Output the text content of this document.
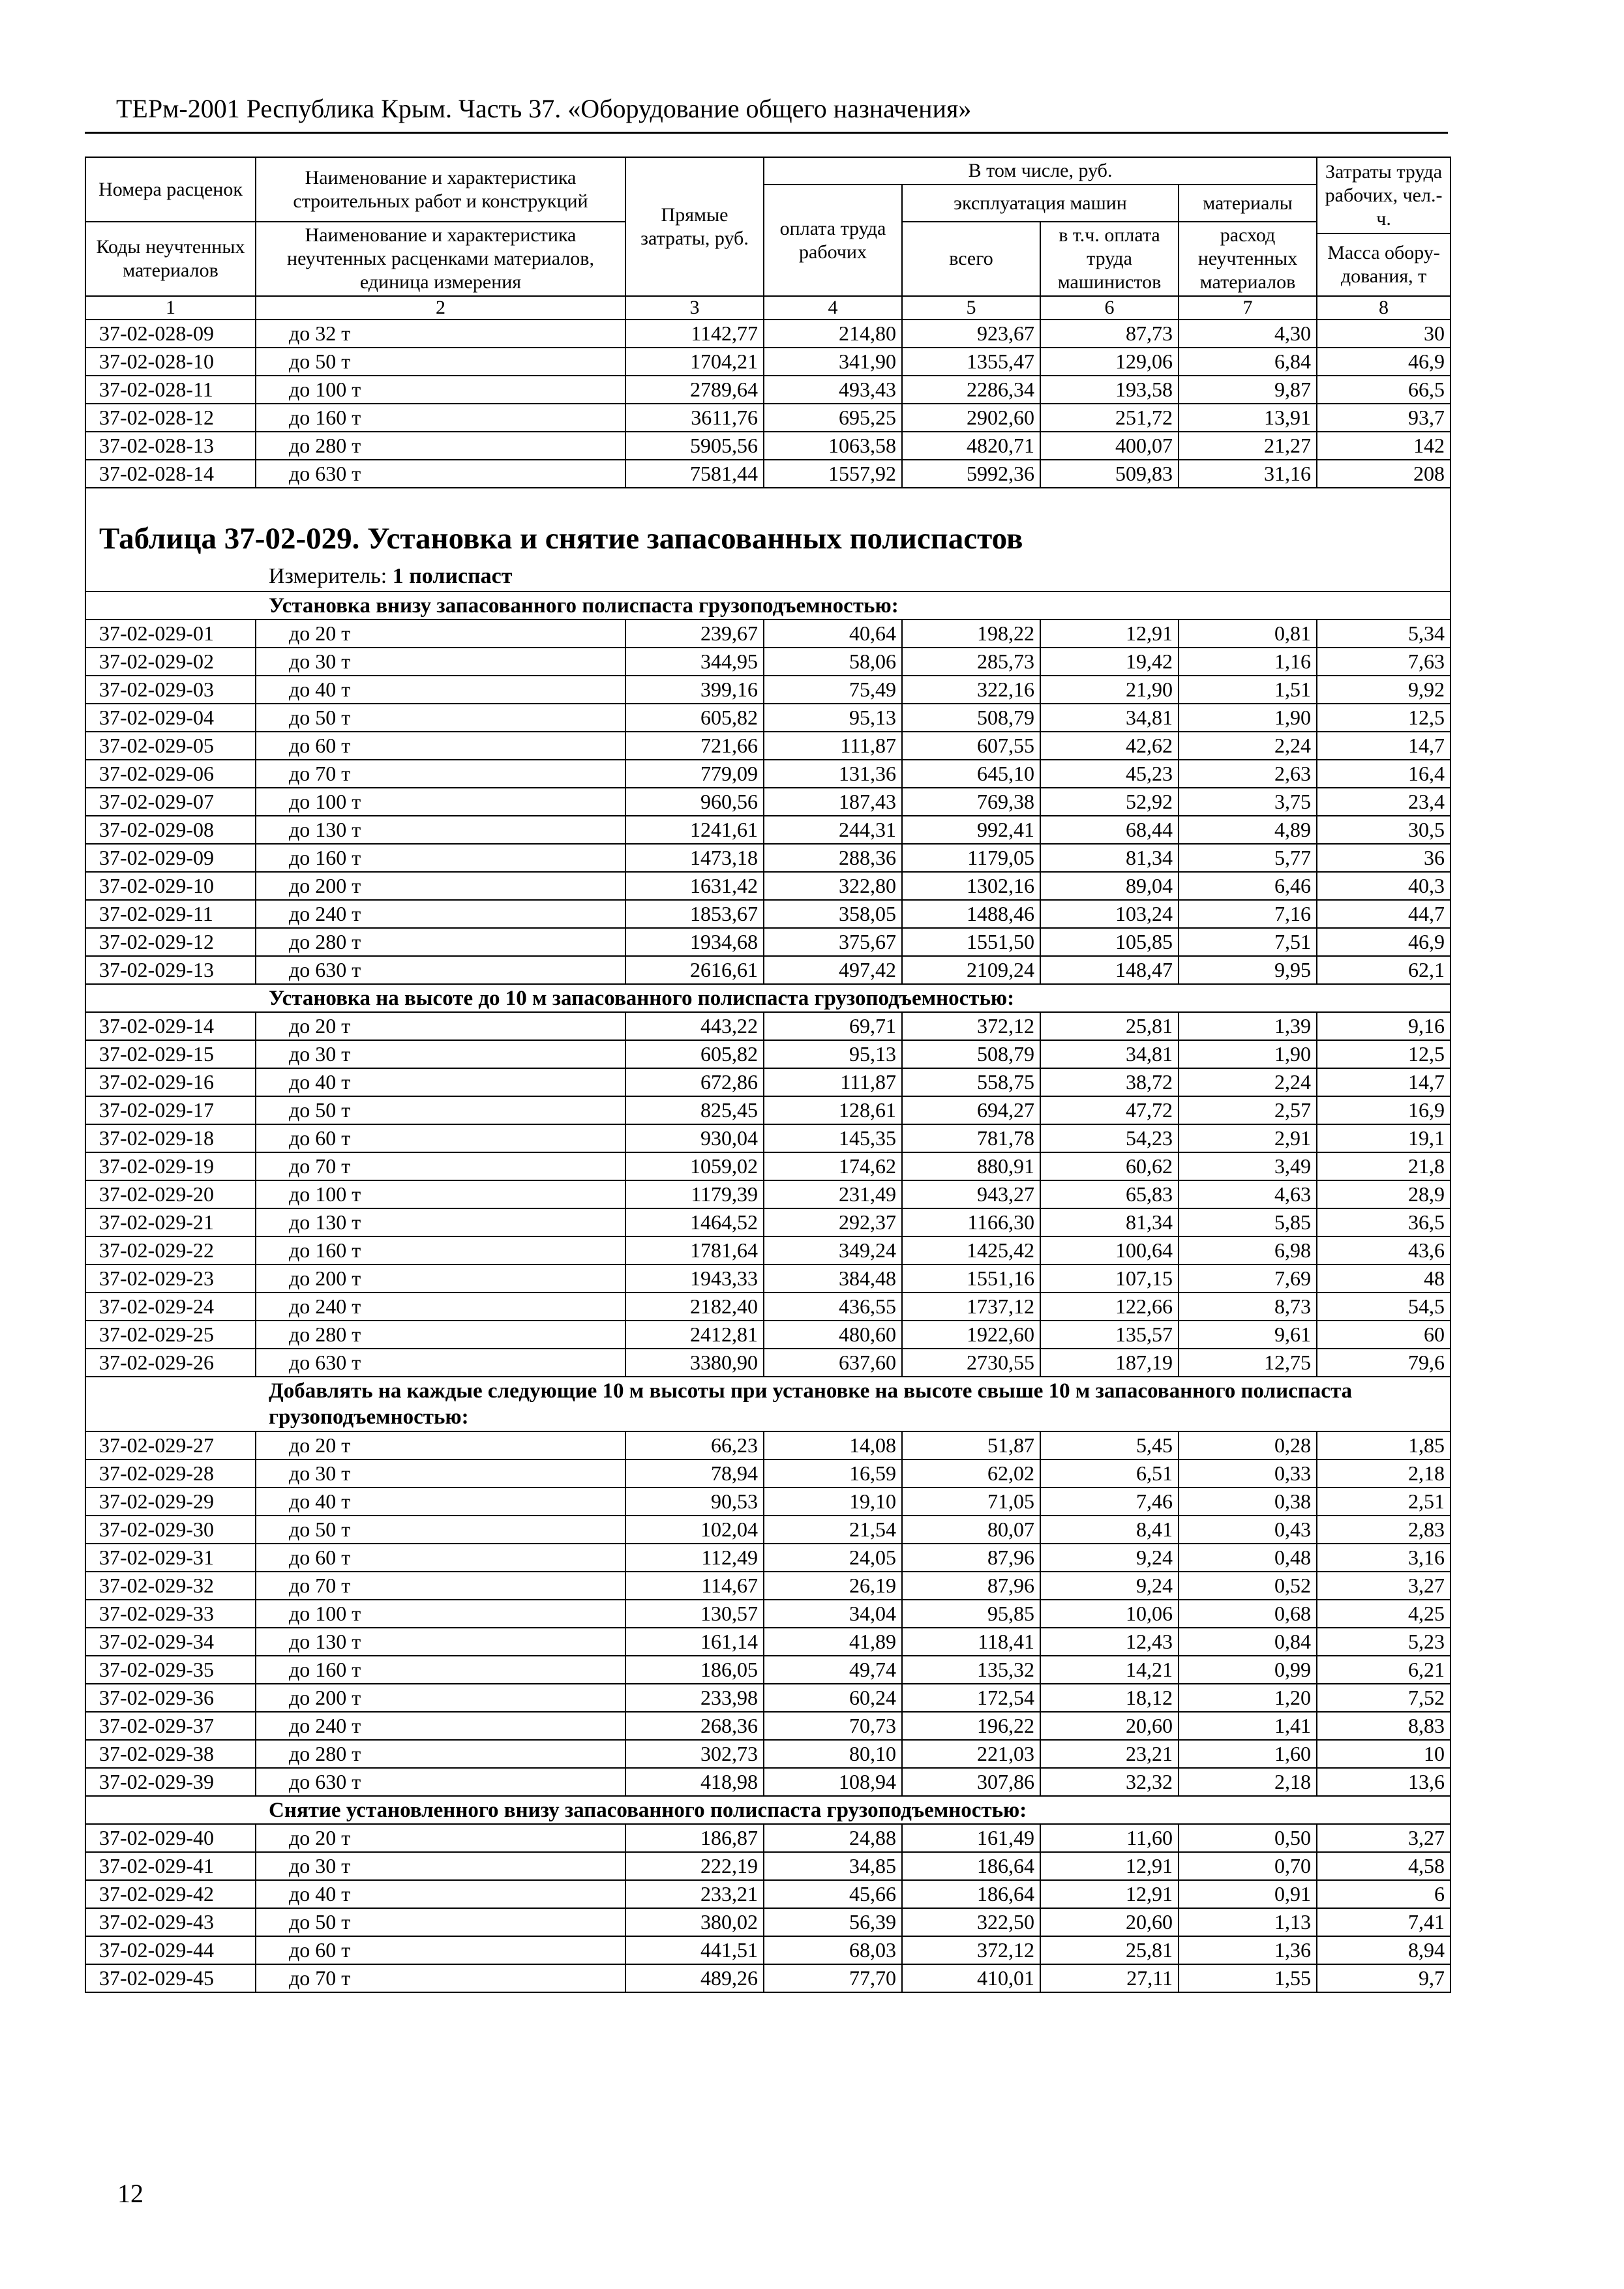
ТЕРм-2001 Республика Крым. Часть 37. «Оборудование общего назначения»
Номера расценок	Наименование и характеристика строительных работ и конструкций	Прямые затраты, руб.	В том числе, руб.				Затраты труда рабочих, чел.-ч.
			оплата труда рабочих	эксплуатация машин		материалы	
Коды неучтенных материалов	Наименование и характеристика неучтенных расценками материалов, единица измерения			всего	в т.ч. оплата труда машинистов	расход неучтенных материалов	
							Масса обору-дования, т
1	2	3	4	5	6	7	8
37-02-028-09	до 32 т	1142,77	214,80	923,67	87,73	4,30	30
37-02-028-10	до 50 т	1704,21	341,90	1355,47	129,06	6,84	46,9
37-02-028-11	до 100 т	2789,64	493,43	2286,34	193,58	9,87	66,5
37-02-028-12	до 160 т	3611,76	695,25	2902,60	251,72	13,91	93,7
37-02-028-13	до 280 т	5905,56	1063,58	4820,71	400,07	21,27	142
37-02-028-14	до 630 т	7581,44	1557,92	5992,36	509,83	31,16	208

Таблица 37-02-029. Установка и снятие запасованных полиспастов							
Измеритель: 1 полиспаст							
Установка внизу запасованного полиспаста грузоподъемностью:							
37-02-029-01	до 20 т	239,67	40,64	198,22	12,91	0,81	5,34
37-02-029-02	до 30 т	344,95	58,06	285,73	19,42	1,16	7,63
37-02-029-03	до 40 т	399,16	75,49	322,16	21,90	1,51	9,92
37-02-029-04	до 50 т	605,82	95,13	508,79	34,81	1,90	12,5
37-02-029-05	до 60 т	721,66	111,87	607,55	42,62	2,24	14,7
37-02-029-06	до 70 т	779,09	131,36	645,10	45,23	2,63	16,4
37-02-029-07	до 100 т	960,56	187,43	769,38	52,92	3,75	23,4
37-02-029-08	до 130 т	1241,61	244,31	992,41	68,44	4,89	30,5
37-02-029-09	до 160 т	1473,18	288,36	1179,05	81,34	5,77	36
37-02-029-10	до 200 т	1631,42	322,80	1302,16	89,04	6,46	40,3
37-02-029-11	до 240 т	1853,67	358,05	1488,46	103,24	7,16	44,7
37-02-029-12	до 280 т	1934,68	375,67	1551,50	105,85	7,51	46,9
37-02-029-13	до 630 т	2616,61	497,42	2109,24	148,47	9,95	62,1
Установка на высоте до 10 м запасованного полиспаста грузоподъемностью:							
37-02-029-14	до 20 т	443,22	69,71	372,12	25,81	1,39	9,16
37-02-029-15	до 30 т	605,82	95,13	508,79	34,81	1,90	12,5
37-02-029-16	до 40 т	672,86	111,87	558,75	38,72	2,24	14,7
37-02-029-17	до 50 т	825,45	128,61	694,27	47,72	2,57	16,9
37-02-029-18	до 60 т	930,04	145,35	781,78	54,23	2,91	19,1
37-02-029-19	до 70 т	1059,02	174,62	880,91	60,62	3,49	21,8
37-02-029-20	до 100 т	1179,39	231,49	943,27	65,83	4,63	28,9
37-02-029-21	до 130 т	1464,52	292,37	1166,30	81,34	5,85	36,5
37-02-029-22	до 160 т	1781,64	349,24	1425,42	100,64	6,98	43,6
37-02-029-23	до 200 т	1943,33	384,48	1551,16	107,15	7,69	48
37-02-029-24	до 240 т	2182,40	436,55	1737,12	122,66	8,73	54,5
37-02-029-25	до 280 т	2412,81	480,60	1922,60	135,57	9,61	60
37-02-029-26	до 630 т	3380,90	637,60	2730,55	187,19	12,75	79,6
Добавлять на каждые следующие 10 м высоты при установке на высоте свыше 10 м запасованного полиспаста грузоподъемностью:							
37-02-029-27	до 20 т	66,23	14,08	51,87	5,45	0,28	1,85
37-02-029-28	до 30 т	78,94	16,59	62,02	6,51	0,33	2,18
37-02-029-29	до 40 т	90,53	19,10	71,05	7,46	0,38	2,51
37-02-029-30	до 50 т	102,04	21,54	80,07	8,41	0,43	2,83
37-02-029-31	до 60 т	112,49	24,05	87,96	9,24	0,48	3,16
37-02-029-32	до 70 т	114,67	26,19	87,96	9,24	0,52	3,27
37-02-029-33	до 100 т	130,57	34,04	95,85	10,06	0,68	4,25
37-02-029-34	до 130 т	161,14	41,89	118,41	12,43	0,84	5,23
37-02-029-35	до 160 т	186,05	49,74	135,32	14,21	0,99	6,21
37-02-029-36	до 200 т	233,98	60,24	172,54	18,12	1,20	7,52
37-02-029-37	до 240 т	268,36	70,73	196,22	20,60	1,41	8,83
37-02-029-38	до 280 т	302,73	80,10	221,03	23,21	1,60	10
37-02-029-39	до 630 т	418,98	108,94	307,86	32,32	2,18	13,6
Снятие установленного внизу запасованного полиспаста грузоподъемностью:							
37-02-029-40	до 20 т	186,87	24,88	161,49	11,60	0,50	3,27
37-02-029-41	до 30 т	222,19	34,85	186,64	12,91	0,70	4,58
37-02-029-42	до 40 т	233,21	45,66	186,64	12,91	0,91	6
37-02-029-43	до 50 т	380,02	56,39	322,50	20,60	1,13	7,41
37-02-029-44	до 60 т	441,51	68,03	372,12	25,81	1,36	8,94
37-02-029-45	до 70 т	489,26	77,70	410,01	27,11	1,55	9,7
12
